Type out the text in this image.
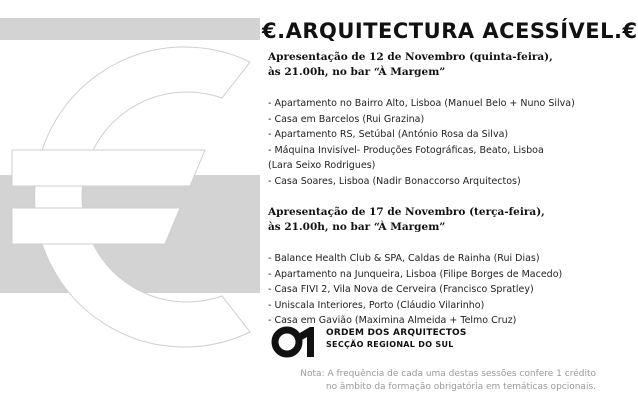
€.ARQUITECTURA ACESSÍVEL.€
Apresentação de 12 de Novembro (quinta-feira),
às 21.00h, no bar “À Margem”
- Apartamento no Bairro Alto, Lisboa (Manuel Belo + Nuno Silva)
- Casa em Barcelos (Rui Grazina)
- Apartamento RS, Setúbal (António Rosa da Silva)
- Máquina Invisível- Produções Fotográficas, Beato, Lisboa
(Lara Seixo Rodrigues)
- Casa Soares, Lisboa (Nadir Bonaccorso Arquitectos)
Apresentação de 17 de Novembro (terça-feira),
às 21.00h, no bar “À Margem”
- Balance Health Club & SPA, Caldas de Rainha (Rui Dias)
- Apartamento na Junqueira, Lisboa (Filipe Borges de Macedo)
- Casa FIVI 2, Vila Nova de Cerveira (Francisco Spratley)
- Uniscala Interiores, Porto (Cláudio Vilarinho)
- Casa em Gavião (Maximina Almeida + Telmo Cruz)
ORDEM DOS ARQUITECTOS
SECÇÃO REGIONAL DO SUL
Nota: A frequência de cada uma destas sessões confere 1 crédito
no âmbito da formação obrigatória em temáticas opcionais.
